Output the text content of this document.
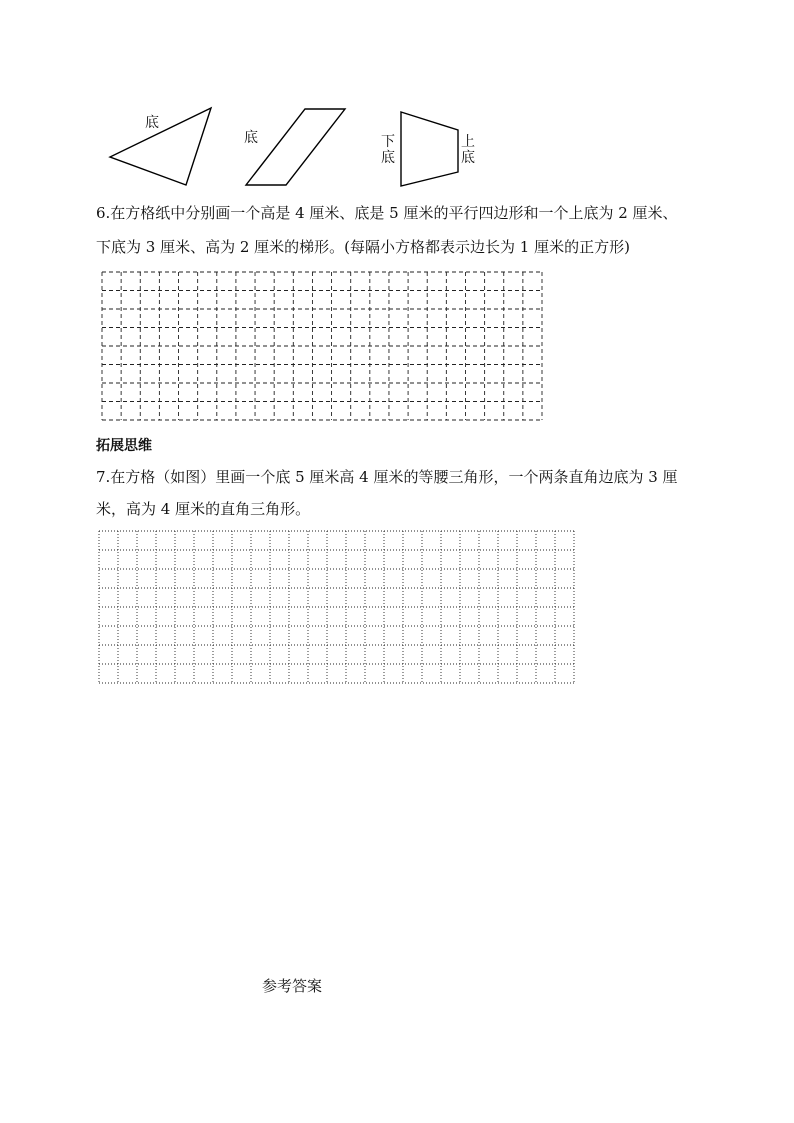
底
底	下
底
上
底
6.在方格纸中分别画一个高是 4 厘米、底是 5 厘米的平行四边形和一个上底为 2 厘米、
下底为 3 厘米、高为 2 厘米的梯形。(每隔小方格都表示边长为 1 厘米的正方形)
拓展思维
7.在方格（如图）里画一个底 5 厘米高 4 厘米的等腰三角形，一个两条直角边底为 3 厘
米，高为 4 厘米的直角三角形。
参考答案
